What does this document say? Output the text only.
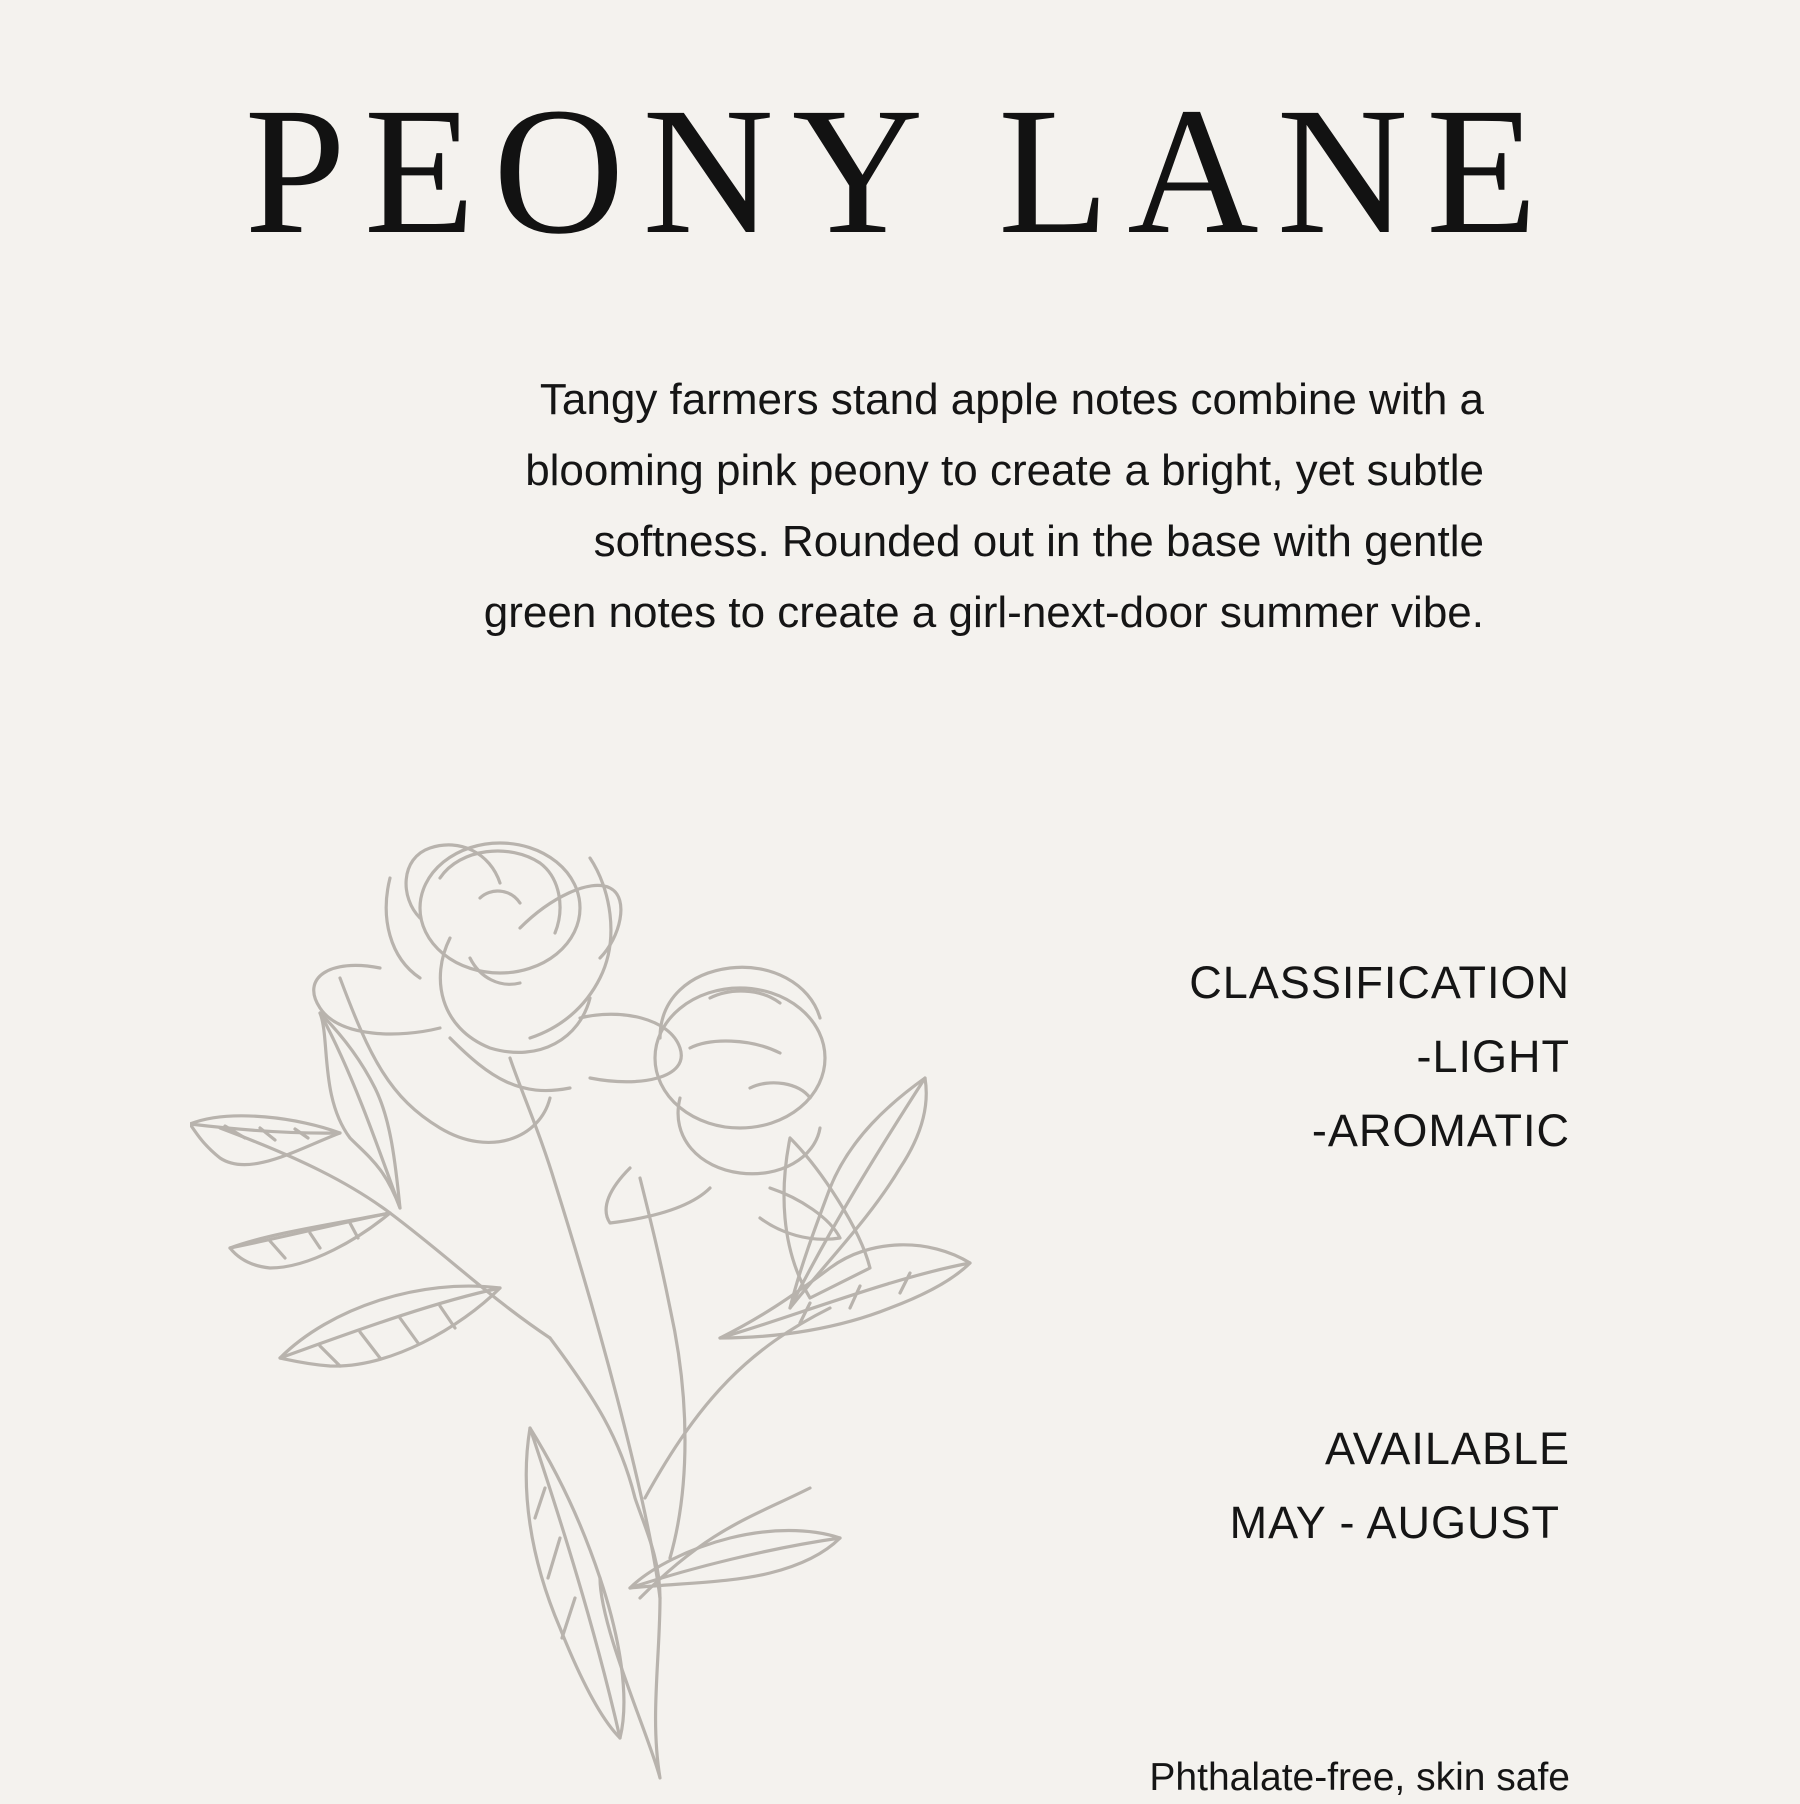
PEONY LANE
Tangy farmers stand apple notes combine with a
blooming pink peony to create a bright, yet subtle
softness. Rounded out in the base with gentle
green notes to create a girl-next-door summer vibe.
CLASSIFICATION
-LIGHT
-AROMATIC
AVAILABLE
MAY - AUGUST
Phthalate-free, skin safe
